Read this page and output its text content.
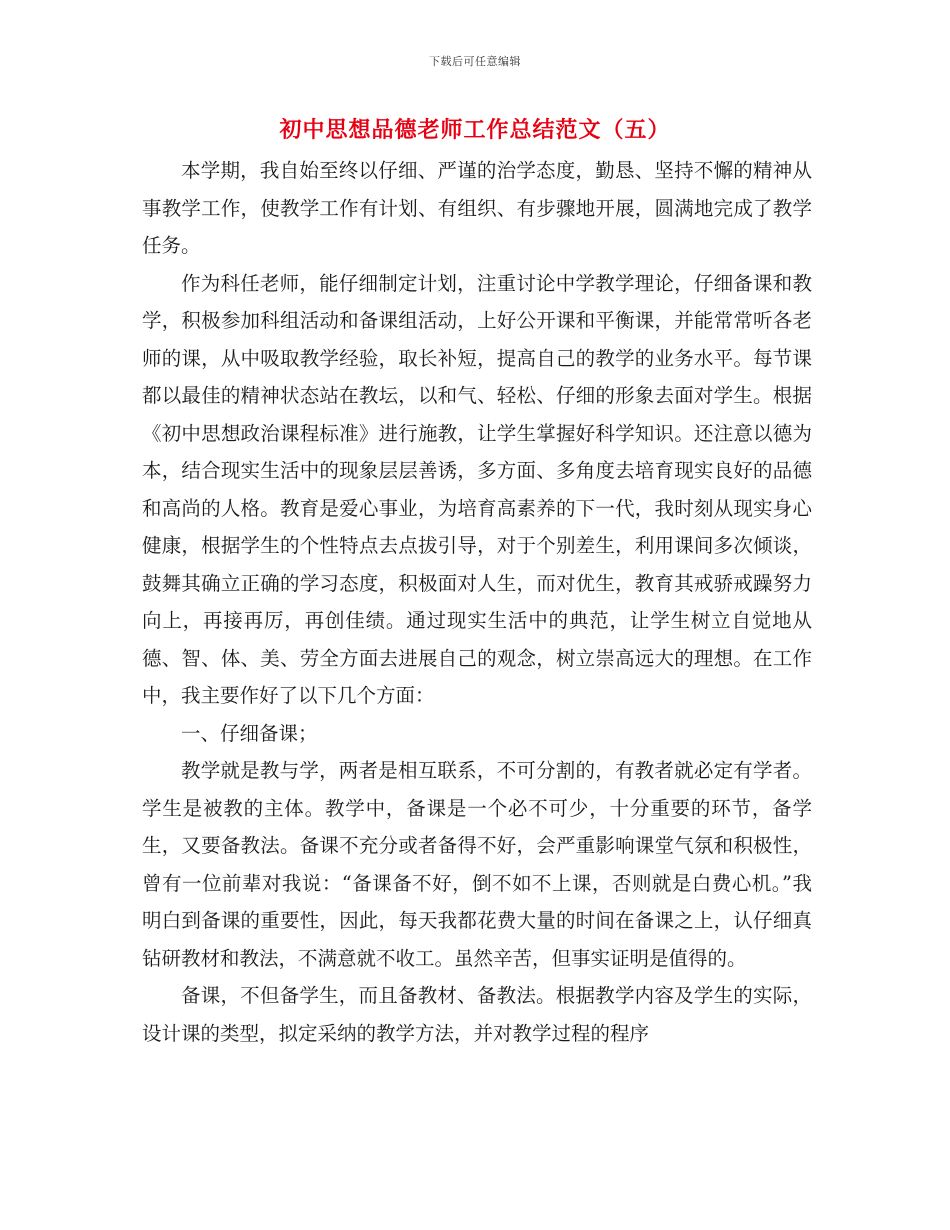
下载后可任意编辑
初中思想品德老师工作总结范文（五）

本学期，我自始至终以仔细、严谨的治学态度，勤恳、坚持不懈的精神从事教学工作，使教学工作有计划、有组织、有步骤地开展，圆满地完成了教学任务。

作为科任老师，能仔细制定计划，注重讨论中学教学理论，仔细备课和教学，积极参加科组活动和备课组活动，上好公开课和平衡课，并能常常听各老师的课，从中吸取教学经验，取长补短，提高自己的教学的业务水平。每节课都以最佳的精神状态站在教坛，以和气、轻松、仔细的形象去面对学生。根据《初中思想政治课程标准》进行施教，让学生掌握好科学知识。还注意以德为本，结合现实生活中的现象层层善诱，多方面、多角度去培育现实良好的品德和高尚的人格。教育是爱心事业，为培育高素养的下一代，我时刻从现实身心健康，根据学生的个性特点去点拔引导，对于个别差生，利用课间多次倾谈，鼓舞其确立正确的学习态度，积极面对人生，而对优生，教育其戒骄戒躁努力向上，再接再厉，再创佳绩。通过现实生活中的典范，让学生树立自觉地从德、智、体、美、劳全方面去进展自己的观念，树立崇高远大的理想。在工作中，我主要作好了以下几个方面：

一、仔细备课；

教学就是教与学，两者是相互联系，不可分割的，有教者就必定有学者。学生是被教的主体。教学中，备课是一个必不可少，十分重要的环节，备学生，又要备教法。备课不充分或者备得不好，会严重影响课堂气氛和积极性，曾有一位前辈对我说：“备课备不好，倒不如不上课，否则就是白费心机。”我明白到备课的重要性，因此，每天我都花费大量的时间在备课之上，认仔细真钻研教材和教法，不满意就不收工。虽然辛苦，但事实证明是值得的。

备课，不但备学生，而且备教材、备教法。根据教学内容及学生的实际，设计课的类型，拟定采纳的教学方法，并对教学过程的程序
